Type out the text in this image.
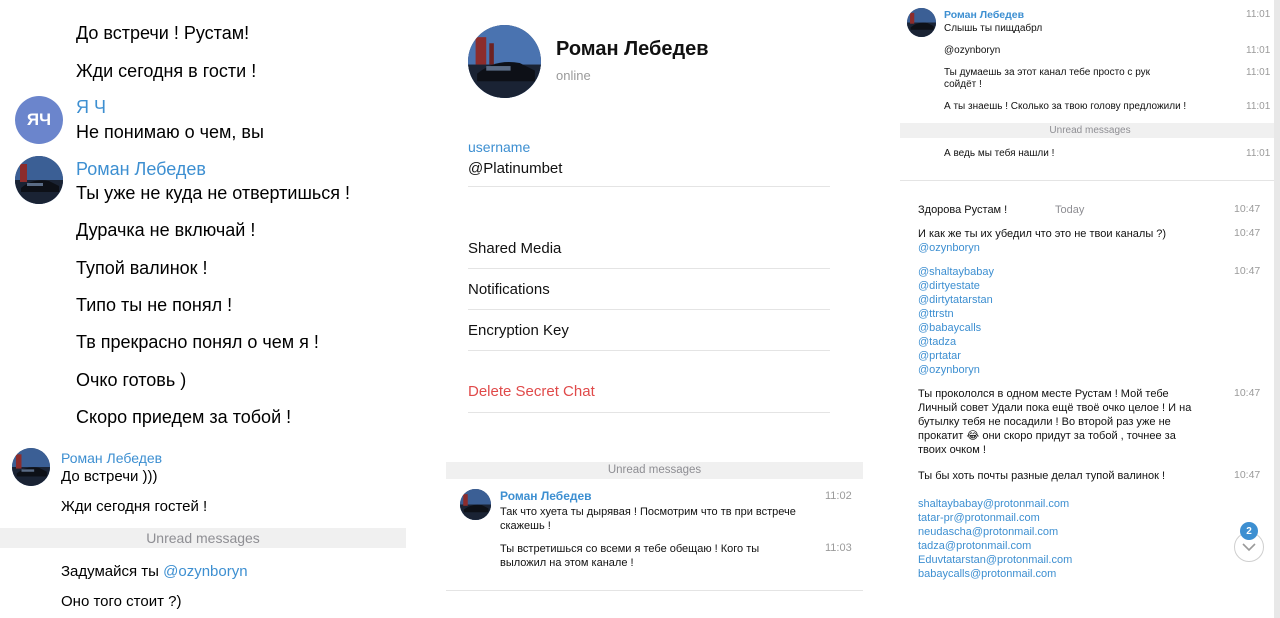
До встречи ! Рустам!
Жди сегодня в гости !
ЯЧ
Я Ч
Не понимаю о чем, вы
Роман Лебедев
Ты уже не куда не отвертишься !
Дурачка не включай !
Тупой валинок !
Типо ты не понял !
Тв прекрасно понял о чем я !
Очко готовь )
Скоро приедем за тобой !
Роман Лебедев
До встречи )))
Жди сегодня гостей !
Unread messages
Задумайся ты @ozynboryn
Оно того стоит ?)
Роман Лебедев
online
username
@Platinumbet
Shared Media
Notifications
Encryption Key
Delete Secret Chat
Unread messages
Роман Лебедев
Так что хуета ты дырявая ! Посмотрим что тв при встрече скажешь !
11:02
Ты встретишься со всеми я тебе обещаю ! Кого ты выложил на этом канале !
11:03
Роман Лебедев	11:01
Слышь ты пищдабрл
@ozynboryn	11:01
Ты думаешь за этот канал тебе просто с рук сойдёт !
11:01
А ты знаешь ! Сколько за твою голову предложили !	11:01
Unread messages
А ведь мы тебя нашли !	11:01
Здорова Рустам !	Today	10:47
И как же ты их убедил что это не твои каналы ?)
@ozynboryn
10:47
@shaltaybabay
@dirtyestate
@dirtytatarstan
@ttrstn
@babaycalls
@tadza
@prtatar
@ozynboryn
10:47
Ты прокололся в одном месте Рустам ! Мой тебе Личный совет Удали пока ещё твоё очко целое ! И на бутылку тебя не посадили ! Во второй раз уже не прокатит 😂 они скоро придут за тобой , точнее за твоих очком !
10:47
Ты бы хоть почты разные делал тупой валинок !	10:47
shaltaybabay@protonmail.com
tatar-pr@protonmail.com
neudascha@protonmail.com
tadza@protonmail.com
Eduvtatarstan@protonmail.com
babaycalls@protonmail.com
2
